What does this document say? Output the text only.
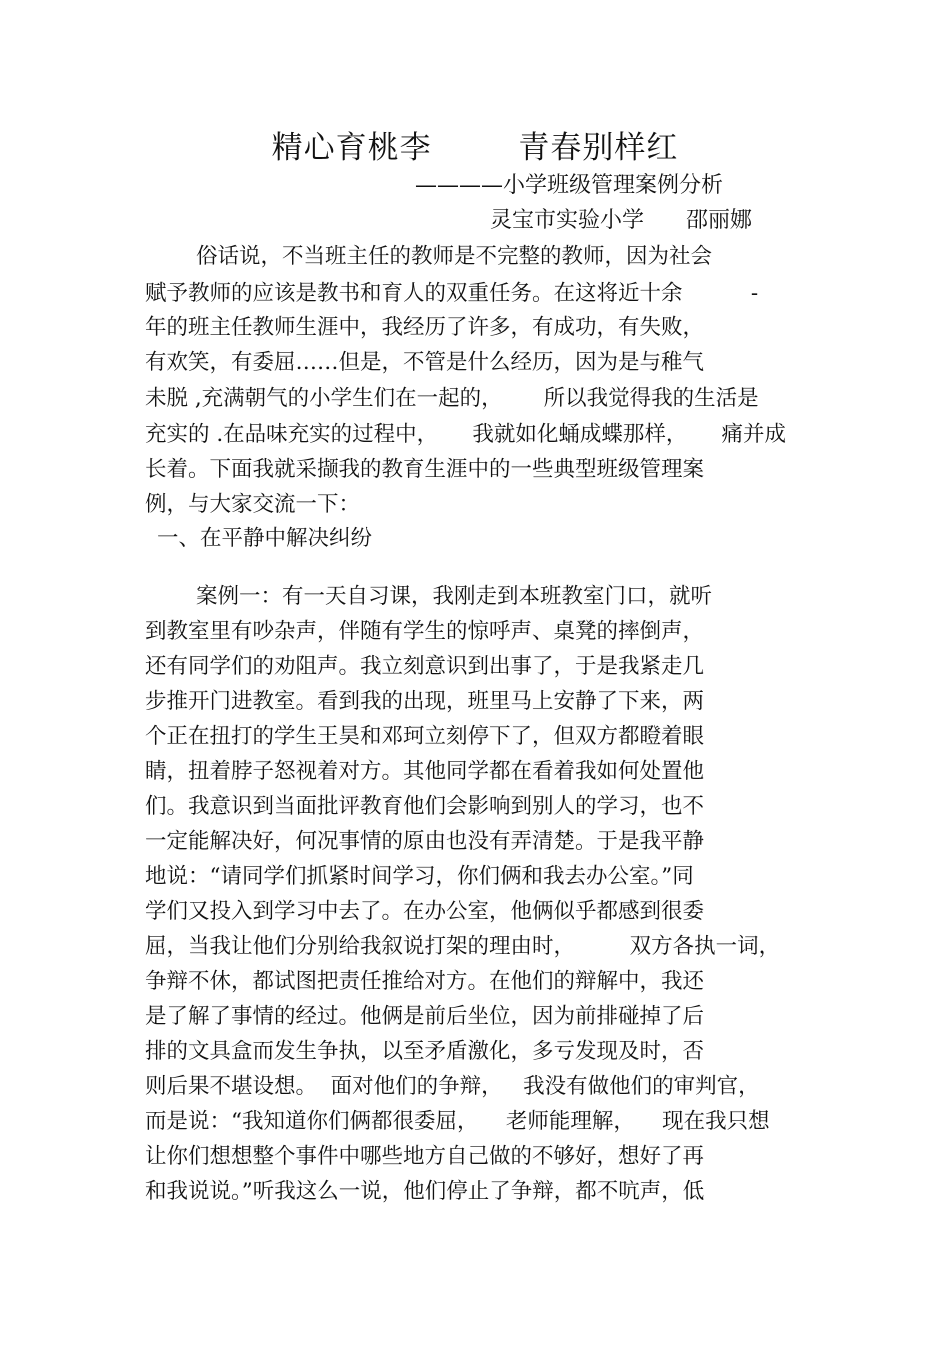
精心育桃李        青春别样红
————小学班级管理案例分析
灵宝市实验小学      邵丽娜
俗话说，不当班主任的教师是不完整的教师，因为社会
赋予教师的应该是教书和育人的双重任务。在这将近十余          -
年的班主任教师生涯中，我经历了许多，有成功，有失败，
有欢笑，有委屈……但是，不管是什么经历，因为是与稚气
未脱 ,充满朝气的小学生们在一起的，      所以我觉得我的生活是
充实的 .在品味充实的过程中，     我就如化蛹成蝶那样，     痛并成
长着。下面我就采撷我的教育生涯中的一些典型班级管理案
例，与大家交流一下：
一、在平静中解决纠纷
案例一：有一天自习课，我刚走到本班教室门口，就听
到教室里有吵杂声，伴随有学生的惊呼声、桌凳的摔倒声，
还有同学们的劝阻声。我立刻意识到出事了，于是我紧走几
步推开门进教室。看到我的出现，班里马上安静了下来，两
个正在扭打的学生王昊和邓珂立刻停下了，但双方都瞪着眼
睛，扭着脖子怒视着对方。其他同学都在看着我如何处置他
们。我意识到当面批评教育他们会影响到别人的学习，也不
一定能解决好，何况事情的原由也没有弄清楚。于是我平静
地说：“请同学们抓紧时间学习，你们俩和我去办公室。”同
学们又投入到学习中去了。在办公室，他俩似乎都感到很委
屈，当我让他们分别给我叙说打架的理由时，        双方各执一词，
争辩不休，都试图把责任推给对方。在他们的辩解中，我还
是了解了事情的经过。他俩是前后坐位，因为前排碰掉了后
排的文具盒而发生争执，以至矛盾激化，多亏发现及时，否
则后果不堪设想。  面对他们的争辩，   我没有做他们的审判官，
而是说：“我知道你们俩都很委屈，    老师能理解，    现在我只想
让你们想想整个事件中哪些地方自己做的不够好，想好了再
和我说说。”听我这么一说，他们停止了争辩，都不吭声，低
